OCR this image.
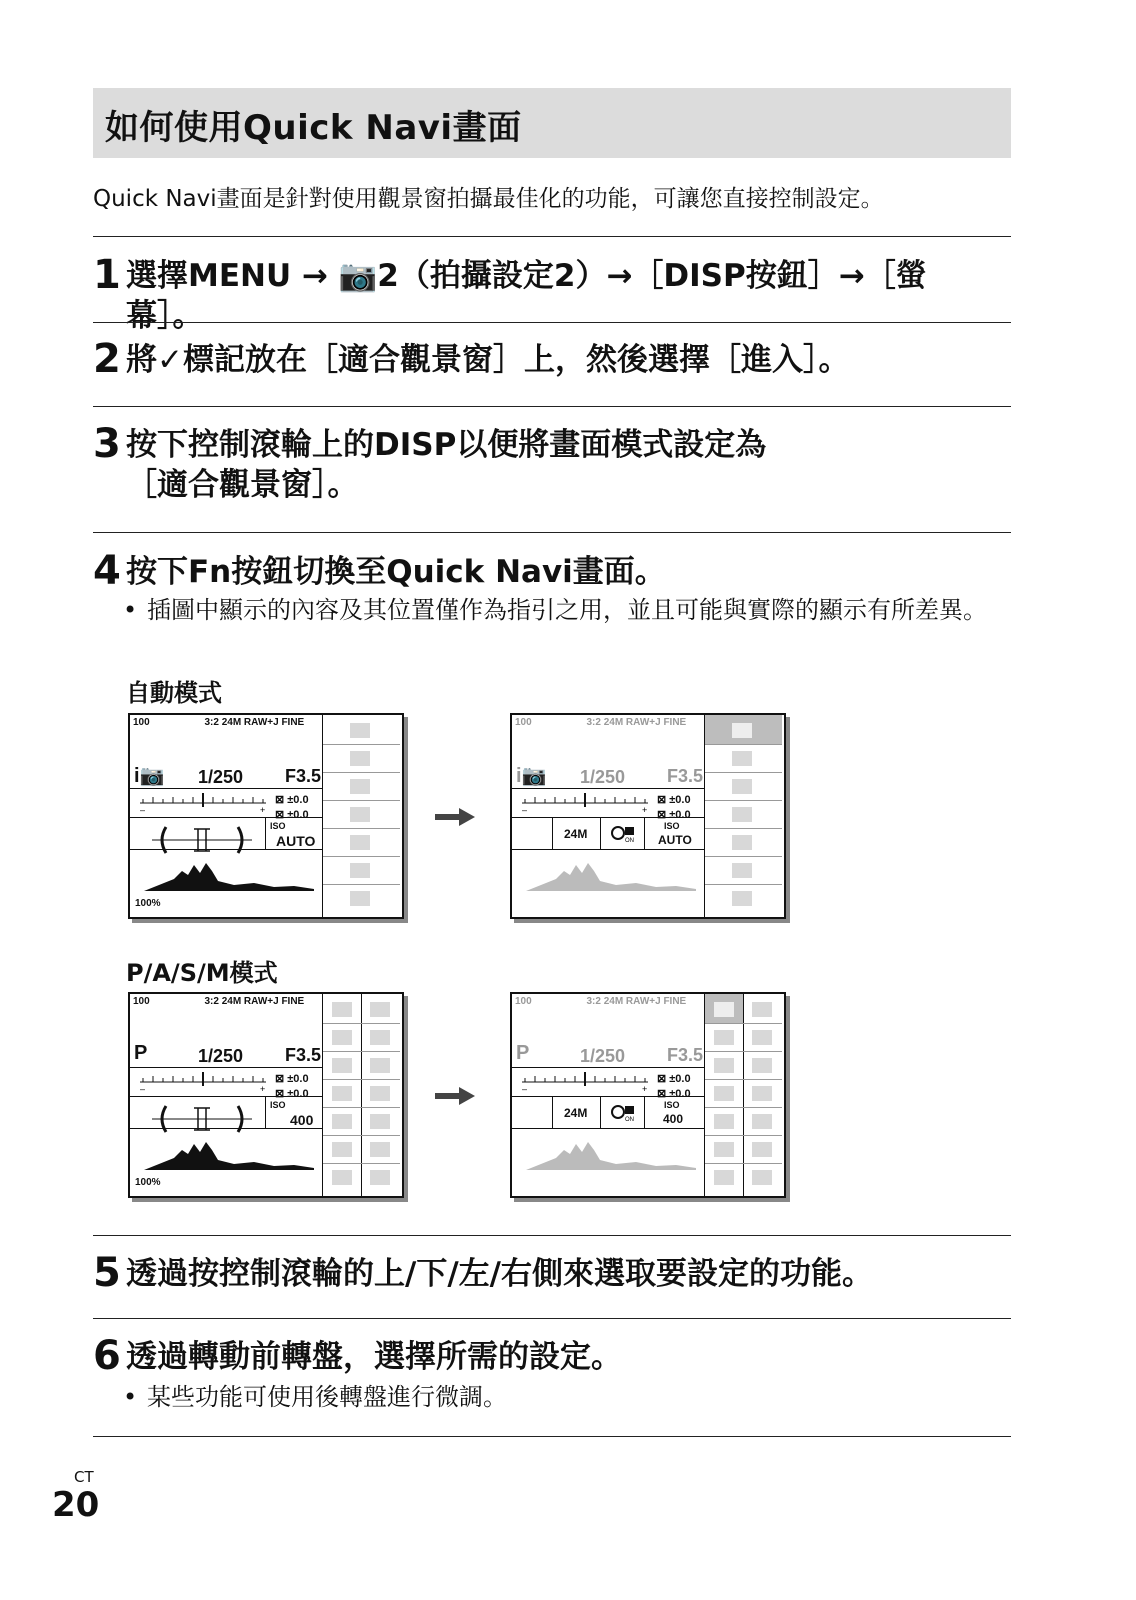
如何使用Quick Navi畫面
Quick Navi畫面是針對使用觀景窗拍攝最佳化的功能，可讓您直接控制設定。
1 選擇MENU → 📷2（拍攝設定2）→［DISP按鈕］→［螢幕］。
2 將✓標記放在［適合觀景窗］上，然後選擇［進入］。
3 按下控制滾輪上的DISP以便將畫面模式設定為［適合觀景窗］。
4 按下Fn按鈕切換至Quick Navi畫面。
• 插圖中顯示的內容及其位置僅作為指引之用，並且可能與實際的顯示有所差異。
自動模式
100	3:2 24M RAW+J FINE
i📷 1/250 F3.5
–	+
⊠ ±0.0
⊠ ±0.0
ISO
AUTO
100%
100	3:2 24M RAW+J FINE
i📷 1/250 F3.5
–	+
⊠ ±0.0
⊠ ±0.0
24M	ON
ISO
AUTO
P/A/S/M模式
100	3:2 24M RAW+J FINE
P	1/250 F3.5
–	+
⊠ ±0.0
⊠ ±0.0
ISO
400
100%
100	3:2 24M RAW+J FINE
P	1/250 F3.5
–	+
⊠ ±0.0
⊠ ±0.0
24M	ON
ISO
400
5 透過按控制滾輪的上/下/左/右側來選取要設定的功能。
6 透過轉動前轉盤，選擇所需的設定。
• 某些功能可使用後轉盤進行微調。
CT
20
